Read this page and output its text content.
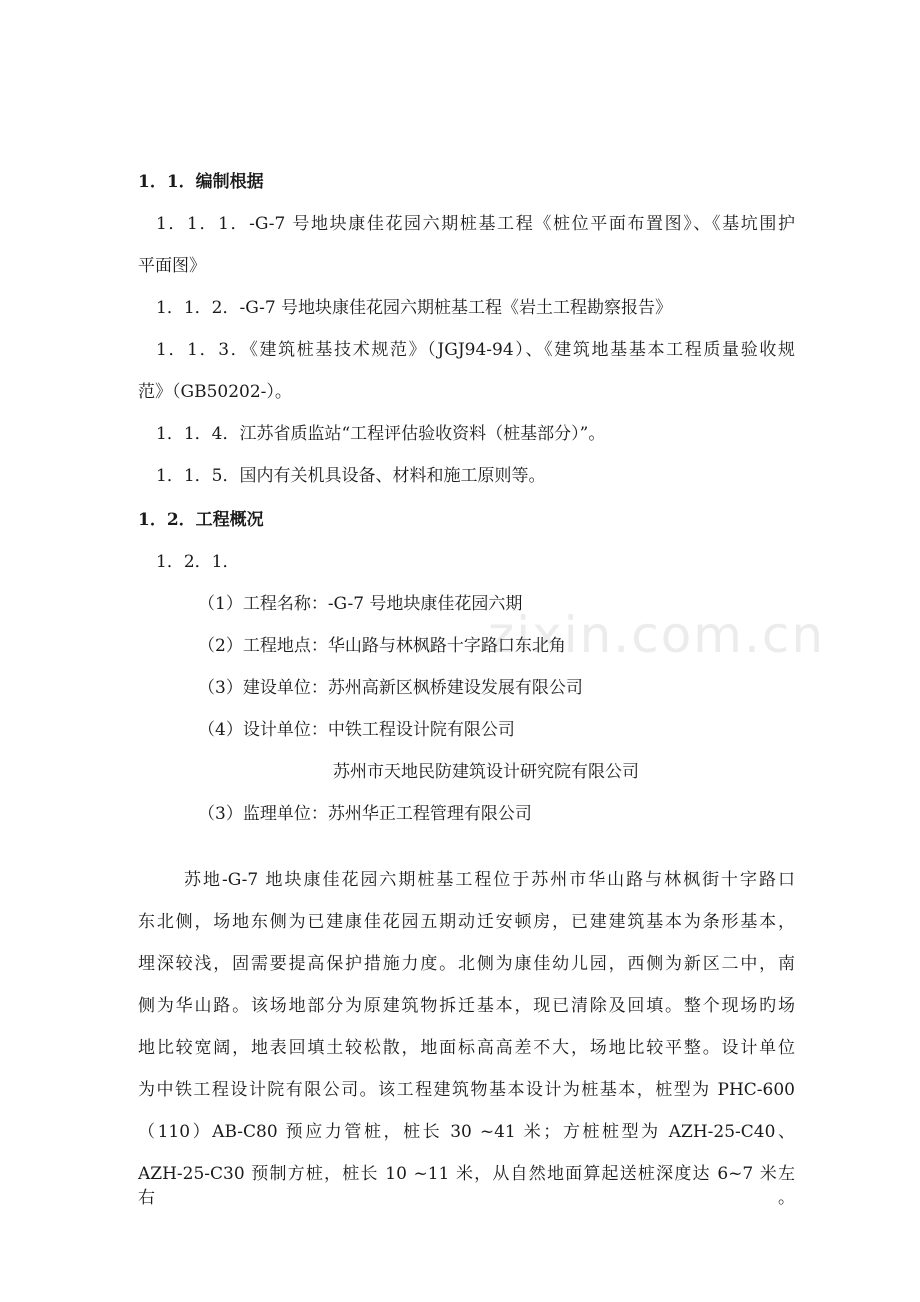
zixin.com.cn
1．1．编制根据
1．1．1．-G-7 号地块康佳花园六期桩基工程《桩位平面布置图》、《基坑围护
平面图》
1．1．2．-G-7 号地块康佳花园六期桩基工程《岩土工程勘察报告》
1．1．3．《建筑桩基技术规范》（JGJ94-94）、《建筑地基基本工程质量验收规
范》（GB50202-）。
1．1．4．江苏省质监站“工程评估验收资料（桩基部分）”。
1．1．5．国内有关机具设备、材料和施工原则等。
1．2．工程概况
1．2．1．
（1）工程名称：-G-7 号地块康佳花园六期
（2）工程地点：华山路与林枫路十字路口东北角
（3）建设单位：苏州高新区枫桥建设发展有限公司
（4）设计单位：中铁工程设计院有限公司
苏州市天地民防建筑设计研究院有限公司
（3）监理单位：苏州华正工程管理有限公司
苏地-G-7 地块康佳花园六期桩基工程位于苏州市华山路与林枫街十字路口
东北侧，场地东侧为已建康佳花园五期动迁安顿房，已建建筑基本为条形基本，
埋深较浅，固需要提高保护措施力度。北侧为康佳幼儿园，西侧为新区二中，南
侧为华山路。该场地部分为原建筑物拆迁基本，现已清除及回填。整个现场旳场
地比较宽阔，地表回填土较松散，地面标高高差不大，场地比较平整。设计单位
为中铁工程设计院有限公司。该工程建筑物基本设计为桩基本，桩型为 PHC-600
（110）AB-C80 预应力管桩，桩长 30 ~41 米；方桩桩型为 AZH-25-C40、
AZH-25-C30 预制方桩，桩长 10 ~11 米，从自然地面算起送桩深度达 6~7 米左右。
